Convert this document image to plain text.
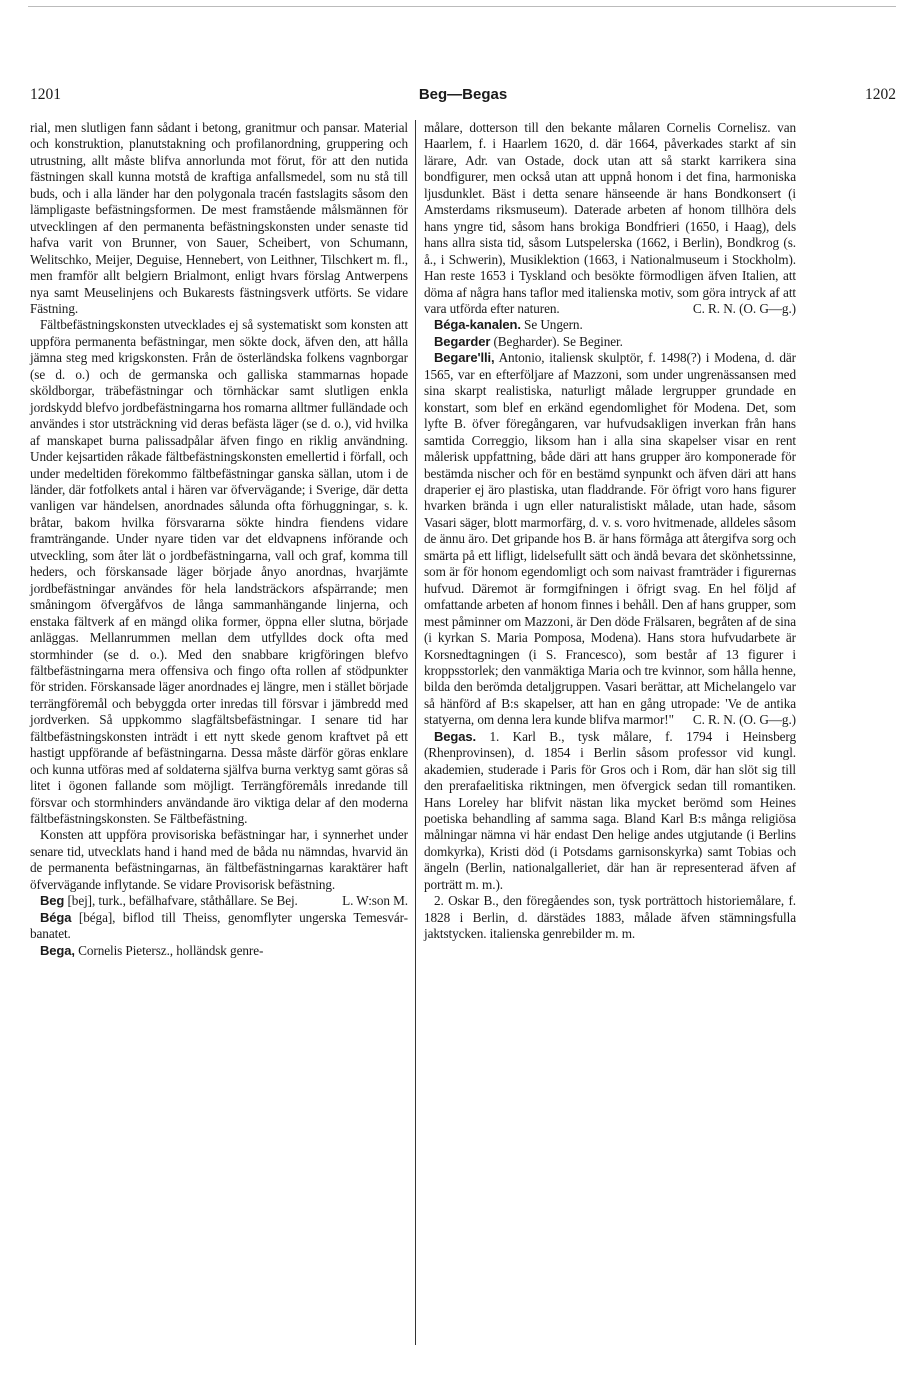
1201	Beg—Begas	1202

rial, men slutligen fann sådant i betong, granitmur och pansar. Material och konstruktion, planutstakning och profilanordning, gruppering och utrustning, allt måste blifva annorlunda mot förut, för att den nutida fästningen skall kunna motstå de kraftiga anfallsmedel, som nu stå till buds, och i alla länder har den polygonala tracén fastslagits såsom den lämpligaste befästningsformen. De mest framstående målsmännen för utvecklingen af den permanenta befästningskonsten under senaste tid hafva varit von Brunner, von Sauer, Scheibert, von Schumann, Welitschko, Meijer, Deguise, Hennebert, von Leithner, Tilschkert m. fl., men framför allt belgiern Brialmont, enligt hvars förslag Antwerpens nya samt Meuselinjens och Bukarests fästningsverk utförts. Se vidare Fästning.

Fältbefästningskonsten utvecklades ej så systematiskt som konsten att uppföra permanenta befästningar, men sökte dock, äfven den, att hålla jämna steg med krigskonsten. Från de österländska folkens vagnborgar (se d. o.) och de germanska och galliska stammarnas hopade sköldborgar, träbefästningar och törnhäckar samt slutligen enkla jordskydd blefvo jordbefästningarna hos romarna alltmer fulländade och användes i stor utsträckning vid deras befästa läger (se d. o.), vid hvilka af manskapet burna palissadpålar äfven fingo en riklig användning. Under kejsartiden råkade fältbefästningskonsten emellertid i förfall, och under medeltiden förekommo fältbefästningar ganska sällan, utom i de länder, där fotfolkets antal i hären var öfvervägande; i Sverige, där detta vanligen var händelsen, anordnades sålunda ofta förhuggningar, s. k. bråtar, bakom hvilka försvararna sökte hindra fiendens vidare framträngande. Under nyare tiden var det eldvapnens införande och utveckling, som åter lät o jordbefästningarna, vall och graf, komma till heders, och förskansade läger började ånyo anordnas, hvarjämte jordbefästningar användes för hela landsträckors afspärrande; men småningom öfvergåfvos de långa sammanhängande linjerna, och enstaka fältverk af en mängd olika former, öppna eller slutna, började anläggas. Mellanrummen mellan dem utfylldes dock ofta med stormhinder (se d. o.). Med den snabbare krigföringen blefvo fältbefästningarna mera offensiva och fingo ofta rollen af stödpunkter för striden. Förskansade läger anordnades ej längre, men i stället började terrängföremål och bebyggda orter inredas till försvar i jämbredd med jordverken. Så uppkommo slagfältsbefästningar. I senare tid har fältbefästningskonsten inträdt i ett nytt skede genom kraftvet på ett hastigt uppförande af befästningarna. Dessa måste därför göras enklare och kunna utföras med af soldaterna själfva burna verktyg samt göras så litet i ögonen fallande som möjligt. Terrängföremåls inredande till försvar och stormhinders användande äro viktiga delar af den moderna fältbefästningskonsten. Se Fältbefästning.

Konsten att uppföra provisoriska befästningar har, i synnerhet under senare tid, utvecklats hand i hand med de båda nu nämndas, hvarvid än de permanenta befästningarnas, än fältbefästningarnas karaktärer haft öfvervägande inflytande. Se vidare Provisorisk befästning.
L. W:son M.

Beg [bej], turk., befälhafvare, ståthållare. Se Bej.

Béga [béga], biflod till Theiss, genomflyter ungerska Temesvár-banatet.

Bega, Cornelis Pietersz., holländsk genre-

målare, dotterson till den bekante målaren Cornelis Cornelisz. van Haarlem, f. i Haarlem 1620, d. där 1664, påverkades starkt af sin lärare, Adr. van Ostade, dock utan att så starkt karrikera sina bondfigurer, men också utan att uppnå honom i det fina, harmoniska ljusdunklet. Bäst i detta senare hänseende är hans Bondkonsert (i Amsterdams riksmuseum). Daterade arbeten af honom tillhöra dels hans yngre tid, såsom hans brokiga Bondfrieri (1650, i Haag), dels hans allra sista tid, såsom Lutspelerska (1662, i Berlin), Bondkrog (s. å., i Schwerin), Musiklektion (1663, i Nationalmuseum i Stockholm). Han reste 1653 i Tyskland och besökte förmodligen äfven Italien, att döma af några hans taflor med italienska motiv, som göra intryck af att vara utförda efter naturen.	C. R. N. (O. G—g.)

Béga-kanalen. Se Ungern.

Begarder (Begharder). Se Beginer.

Begare'lli, Antonio, italiensk skulptör, f. 1498(?) i Modena, d. där 1565, var en efterföljare af Mazzoni, som under ungrenässansen med sina skarpt realistiska, naturligt målade lergrupper grundade en konstart, som blef en erkänd egendomlighet för Modena. Det, som lyfte B. öfver föregångaren, var hufvudsakligen inverkan från hans samtida Correggio, liksom han i alla sina skapelser visar en rent målerisk uppfattning, både däri att hans grupper äro komponerade för bestämda nischer och för en bestämd synpunkt och äfven däri att hans draperier ej äro plastiska, utan fladdrande. För öfrigt voro hans figurer hvarken brända i ugn eller naturalistiskt målade, utan hade, såsom Vasari säger, blott marmorfärg, d. v. s. voro hvitmenade, alldeles såsom de ännu äro. Det gripande hos B. är hans förmåga att återgifva sorg och smärta på ett lifligt, lidelsefullt sätt och ändå bevara det skönhetssinne, som är för honom egendomligt och som naivast framträder i figurernas hufvud. Däremot är formgifningen i öfrigt svag. En hel följd af omfattande arbeten af honom finnes i behåll. Den af hans grupper, som mest påminner om Mazzoni, är Den döde Frälsaren, begråten af de sina (i kyrkan S. Maria Pomposa, Modena). Hans stora hufvudarbete är Korsnedtagningen (i S. Francesco), som består af 13 figurer i kroppsstorlek; den vanmäktiga Maria och tre kvinnor, som hålla henne, bilda den berömda detaljgruppen. Vasari berättar, att Michelangelo var så hänförd af B:s skapelser, att han en gång utropade: 'Ve de antika statyerna, om denna lera kunde blifva marmor!"	C. R. N. (O. G—g.)

Begas. 1. Karl B., tysk målare, f. 1794 i Heinsberg (Rhenprovinsen), d. 1854 i Berlin såsom professor vid kungl. akademien, studerade i Paris för Gros och i Rom, där han slöt sig till den prerafaelitiska riktningen, men öfvergick sedan till romantiken. Hans Loreley har blifvit nästan lika mycket berömd som Heines poetiska behandling af samma saga. Bland Karl B:s många religiösa målningar nämna vi här endast Den helige andes utgjutande (i Berlins domkyrka), Kristi död (i Potsdams garnisonskyrka) samt Tobias och ängeln (Berlin, nationalgalleriet, där han är representerad äfven af porträtt m. m.).

2. Oskar B., den föregåendes son, tysk porträttoch historiemålare, f. 1828 i Berlin, d. därstädes 1883, målade äfven stämningsfulla jaktstycken. italienska genrebilder m. m.
